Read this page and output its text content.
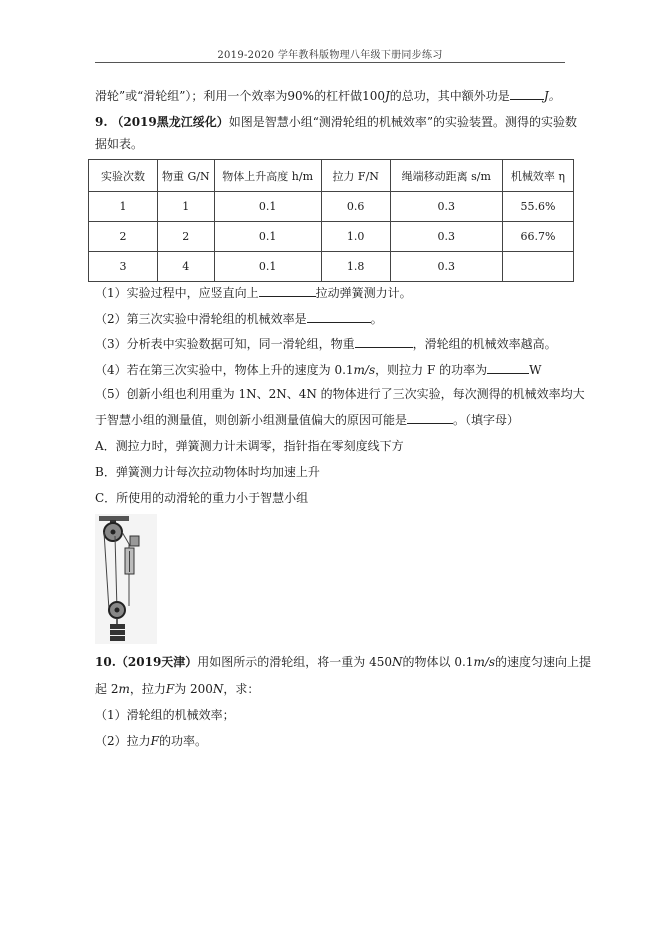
2019-2020 学年教科版物理八年级下册同步练习
滑轮”或“滑轮组”）；利用一个效率为90%的杠杆做100J的总功，其中额外功是	J。
9. （2019黑龙江绥化）如图是智慧小组“测滑轮组的机械效率”的实验装置。测得的实验数
据如表。
实验次数	物重 G/N	物体上升高度 h/m	拉力 F/N	绳端移动距离 s/m	机械效率 η
1	1	0.1	0.6	0.3	55.6%
2	2	0.1	1.0	0.3	66.7%
3	4	0.1	1.8	0.3	
（1）实验过程中，应竖直向上	拉动弹簧测力计。
（2）第三次实验中滑轮组的机械效率是	。
（3）分析表中实验数据可知，同一滑轮组，物重	，滑轮组的机械效率越高。
（4）若在第三次实验中，物体上升的速度为 0.1m/s，则拉力 F 的功率为	W
（5）创新小组也利用重为 1N、2N、4N 的物体进行了三次实验，每次测得的机械效率均大
于智慧小组的测量值，则创新小组测量值偏大的原因可能是	。（填字母）
A．测拉力时，弹簧测力计未调零，指针指在零刻度线下方
B．弹簧测力计每次拉动物体时均加速上升
C．所使用的动滑轮的重力小于智慧小组
10.（2019天津）用如图所示的滑轮组，将一重为 450N的物体以 0.1m/s的速度匀速向上提
起 2m，拉力F为 200N，求：
（1）滑轮组的机械效率；
（2）拉力F的功率。
